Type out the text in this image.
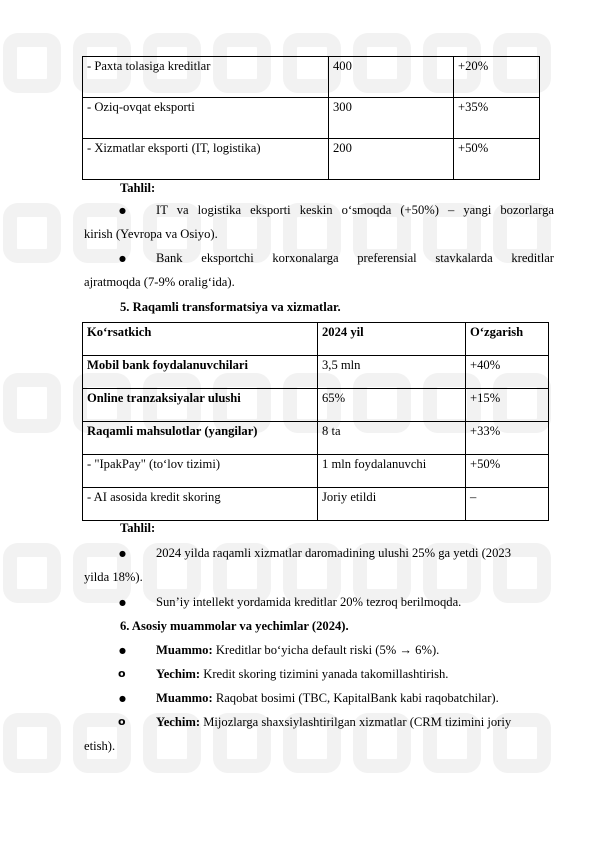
- Paxta tolasiga kreditlar	400	+20%
- Oziq-ovqat eksporti	300	+35%
- Xizmatlar eksporti (IT, logistika)	200	+50%
Tahlil:
● IT va logistika eksporti keskin o‘smoqda (+50%) – yangi bozorlarga
kirish (Yevropa va Osiyo).
● Bank eksportchi korxonalarga preferensial stavkalarda kreditlar
ajratmoqda (7-9% oralig‘ida).
5. Raqamli transformatsiya va xizmatlar.
Ko‘rsatkich	2024 yil	O‘zgarish
Mobil bank foydalanuvchilari	3,5 mln	+40%
Online tranzaksiyalar ulushi	65%	+15%
Raqamli mahsulotlar (yangilar)	8 ta	+33%
- "IpakPay" (to‘lov tizimi)	1 mln foydalanuvchi	+50%
- AI asosida kredit skoring	Joriy etildi	–
Tahlil:
● 2024 yilda raqamli xizmatlar daromadining ulushi 25% ga yetdi (2023
yilda 18%).
● Sun’iy intellekt yordamida kreditlar 20% tezroq berilmoqda.
6. Asosiy muammolar va yechimlar (2024).
● Muammo: Kreditlar bo‘yicha default riski (5% → 6%).
o Yechim: Kredit skoring tizimini yanada takomillashtirish.
● Muammo: Raqobat bosimi (TBC, KapitalBank kabi raqobatchilar).
o Yechim: Mijozlarga shaxsiylashtirilgan xizmatlar (CRM tizimini joriy
etish).
